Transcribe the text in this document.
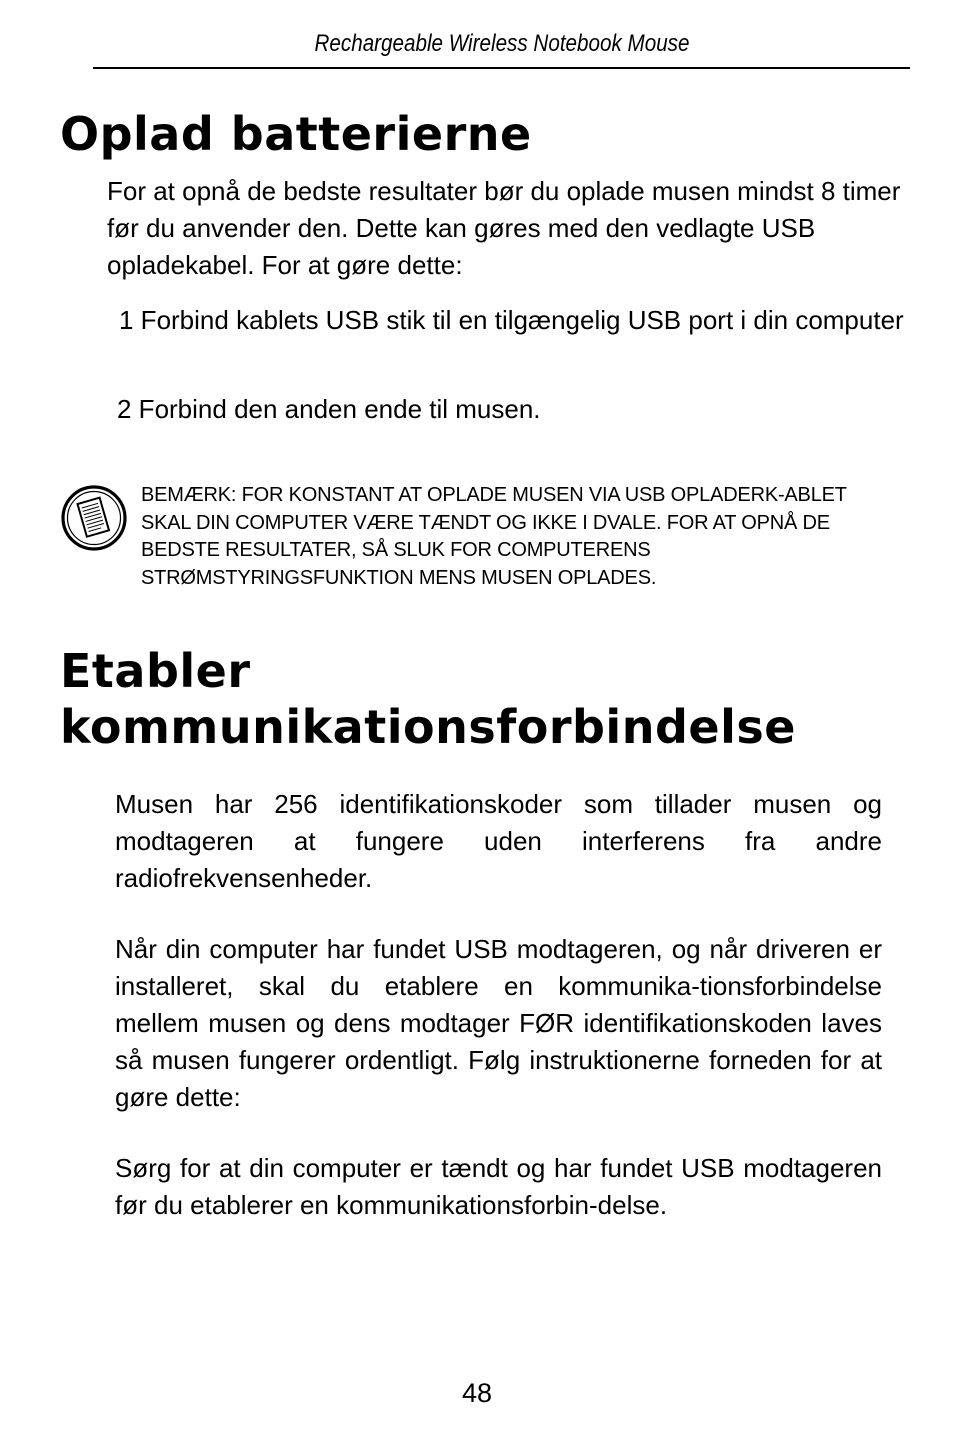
Rechargeable Wireless Notebook Mouse
Oplad batterierne

For at opnå de bedste resultater bør du oplade musen mindst 8 timer før du anvender den. Dette kan gøres med den vedlagte USB opladekabel. For at gøre dette:

1 Forbind kablets USB stik til en tilgængelig USB port i din computer

2 Forbind den anden ende til musen.

BEMÆRK: FOR KONSTANT AT OPLADE MUSEN VIA USB OPLADERK-ABLET SKAL DIN COMPUTER VÆRE TÆNDT OG IKKE I DVALE. FOR AT OPNÅ DE BEDSTE RESULTATER, SÅ SLUK FOR COMPUTERENS STRØMSTYRINGSFUNKTION MENS MUSEN OPLADES.

Etabler
kommunikationsforbindelse

Musen har 256 identifikationskoder som tillader musen og modtageren at fungere uden interferens fra andre radiofrekvensenheder.

Når din computer har fundet USB modtageren, og når driveren er installeret, skal du etablere en kommunika-tionsforbindelse mellem musen og dens modtager FØR identifikationskoden laves så musen fungerer ordentligt. Følg instruktionerne forneden for at gøre dette:

Sørg for at din computer er tændt og har fundet USB modtageren før du etablerer en kommunikationsforbin-delse.

48
